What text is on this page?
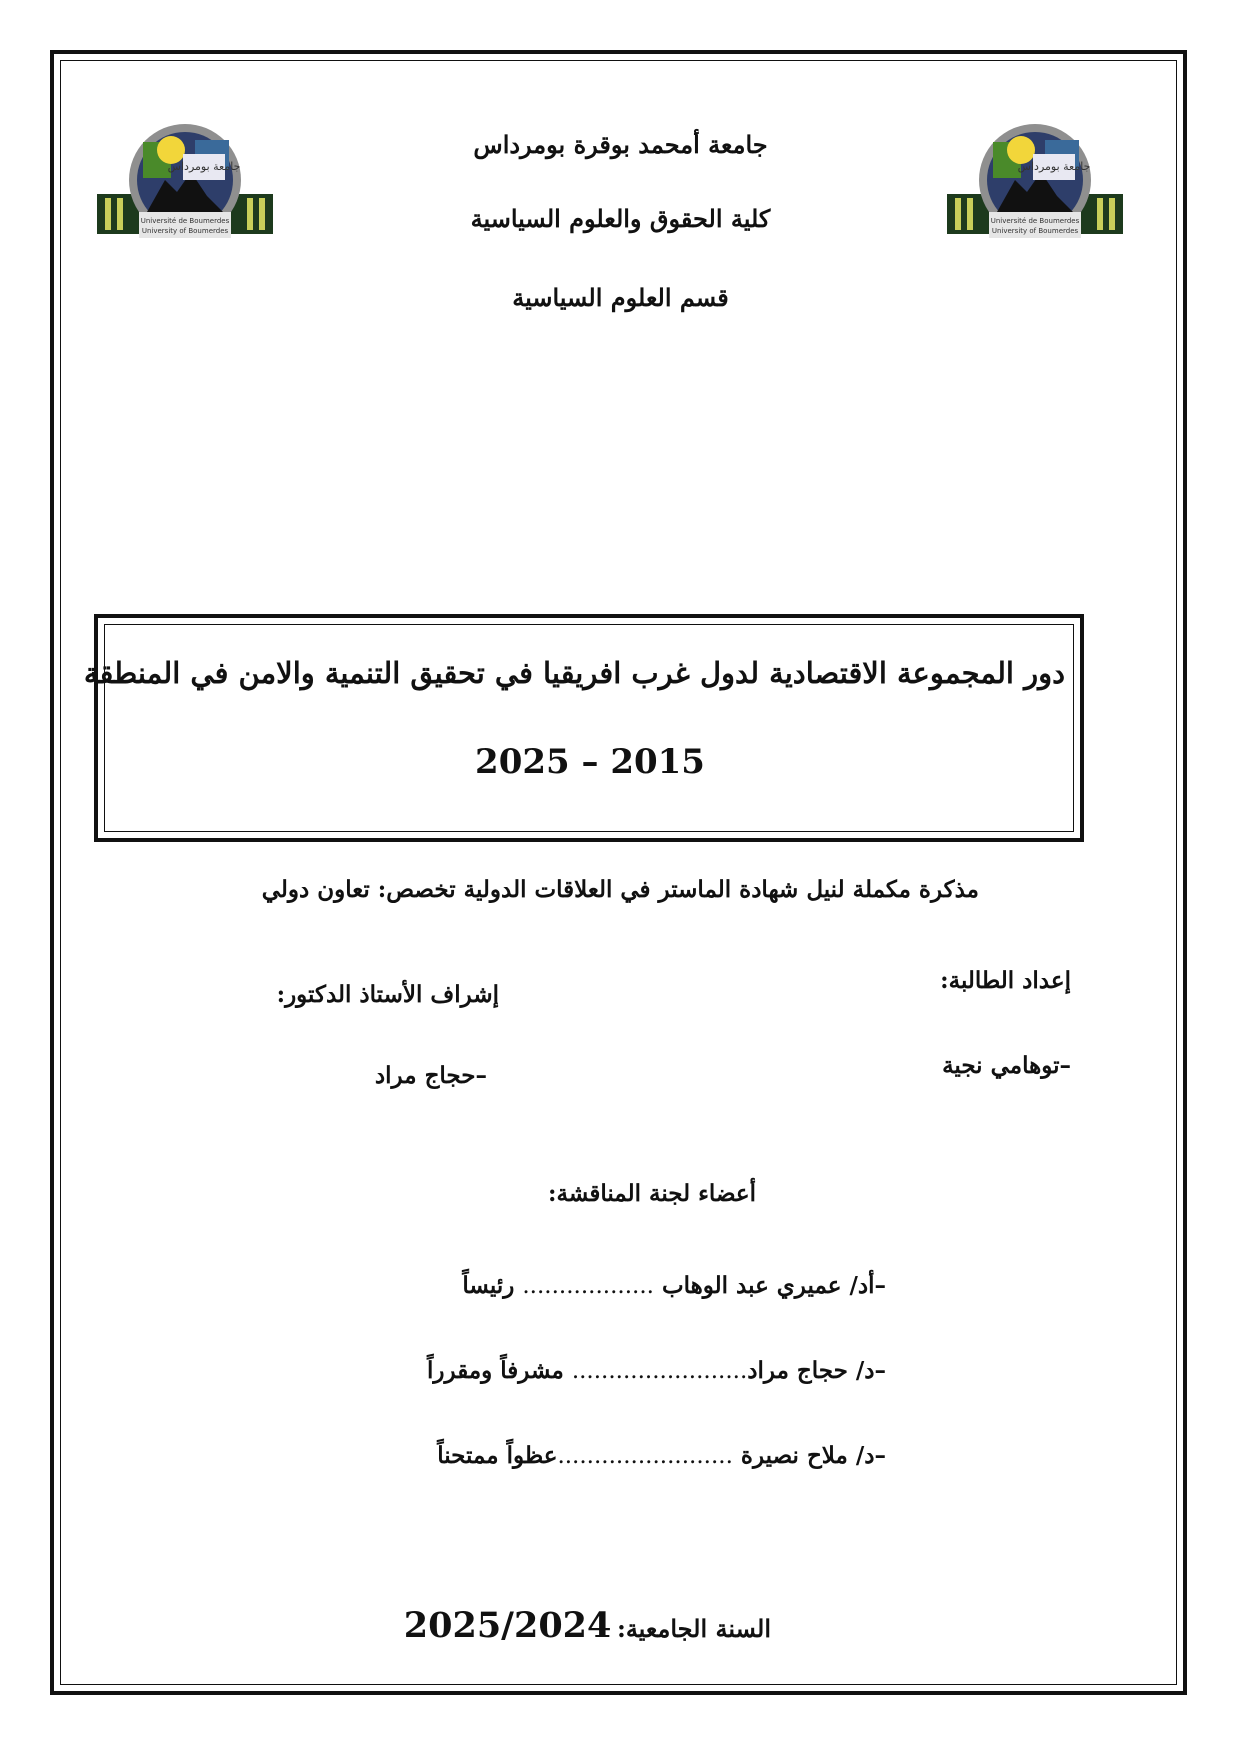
جامعة بومرداس
Université de Boumerdes
University of Boumerdes
جامعة بومرداس
Université de Boumerdes
University of Boumerdes
جامعة أمحمد بوقرة بومرداس
كلية الحقوق والعلوم السياسية
قسم العلوم السياسية
دور المجموعة الاقتصادية لدول غرب افريقيا في تحقيق التنمية والامن في المنطقة
2025 – 2015
مذكرة مكملة لنيل شهادة الماستر في العلاقات الدولية تخصص: تعاون دولي
إعداد الطالبة:
إشراف الأستاذ الدكتور:
–توهامي نجية
–حجاج مراد
أعضاء لجنة المناقشة:
–أد/ عميري عبد الوهاب .................. رئيساً
–د/ حجاج مراد........................ مشرفاً ومقرراً
–د/ ملاح نصيرة ........................عظواً ممتحناً
السنة الجامعية: 2025/2024
